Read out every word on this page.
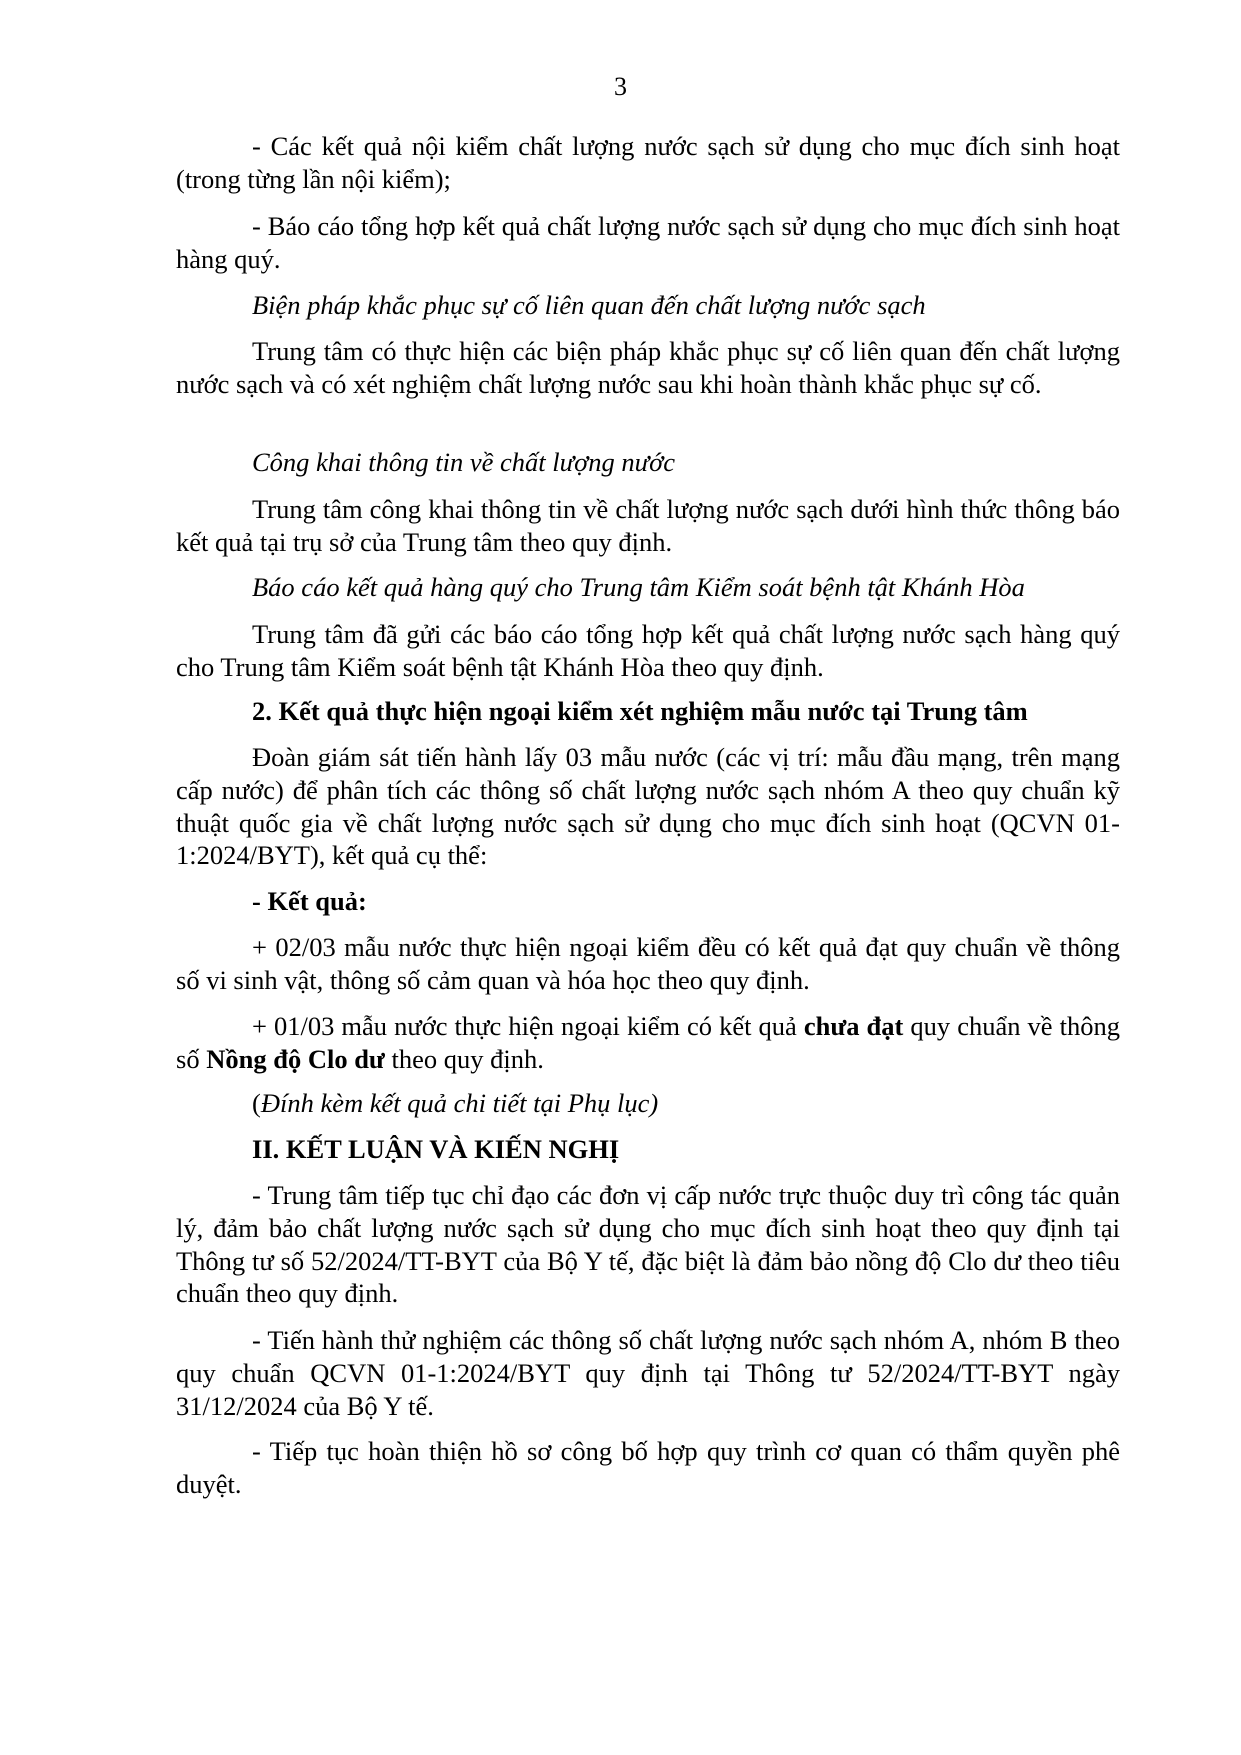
3

- Các kết quả nội kiểm chất lượng nước sạch sử dụng cho mục đích sinh hoạt (trong từng lần nội kiểm);

- Báo cáo tổng hợp kết quả chất lượng nước sạch sử dụng cho mục đích sinh hoạt hàng quý.

Biện pháp khắc phục sự cố liên quan đến chất lượng nước sạch

Trung tâm có thực hiện các biện pháp khắc phục sự cố liên quan đến chất lượng nước sạch và có xét nghiệm chất lượng nước sau khi hoàn thành khắc phục sự cố.

Công khai thông tin về chất lượng nước

Trung tâm công khai thông tin về chất lượng nước sạch dưới hình thức thông báo kết quả tại trụ sở của Trung tâm theo quy định.

Báo cáo kết quả hàng quý cho Trung tâm Kiểm soát bệnh tật Khánh Hòa

Trung tâm đã gửi các báo cáo tổng hợp kết quả chất lượng nước sạch hàng quý cho Trung tâm Kiểm soát bệnh tật Khánh Hòa theo quy định.

2. Kết quả thực hiện ngoại kiểm xét nghiệm mẫu nước tại Trung tâm

Đoàn giám sát tiến hành lấy 03 mẫu nước (các vị trí: mẫu đầu mạng, trên mạng cấp nước) để phân tích các thông số chất lượng nước sạch nhóm A theo quy chuẩn kỹ thuật quốc gia về chất lượng nước sạch sử dụng cho mục đích sinh hoạt (QCVN 01-1:2024/BYT), kết quả cụ thể:

- Kết quả:

+ 02/03 mẫu nước thực hiện ngoại kiểm đều có kết quả đạt quy chuẩn về thông số vi sinh vật, thông số cảm quan và hóa học theo quy định.

+ 01/03 mẫu nước thực hiện ngoại kiểm có kết quả chưa đạt quy chuẩn về thông số Nồng độ Clo dư theo quy định.

(Đính kèm kết quả chi tiết tại Phụ lục)

II. KẾT LUẬN VÀ KIẾN NGHỊ

- Trung tâm tiếp tục chỉ đạo các đơn vị cấp nước trực thuộc duy trì công tác quản lý, đảm bảo chất lượng nước sạch sử dụng cho mục đích sinh hoạt theo quy định tại Thông tư số 52/2024/TT-BYT của Bộ Y tế, đặc biệt là đảm bảo nồng độ Clo dư theo tiêu chuẩn theo quy định.

- Tiến hành thử nghiệm các thông số chất lượng nước sạch nhóm A, nhóm B theo quy chuẩn QCVN 01-1:2024/BYT quy định tại Thông tư 52/2024/TT-BYT ngày 31/12/2024 của Bộ Y tế.

- Tiếp tục hoàn thiện hồ sơ công bố hợp quy trình cơ quan có thẩm quyền phê duyệt.
